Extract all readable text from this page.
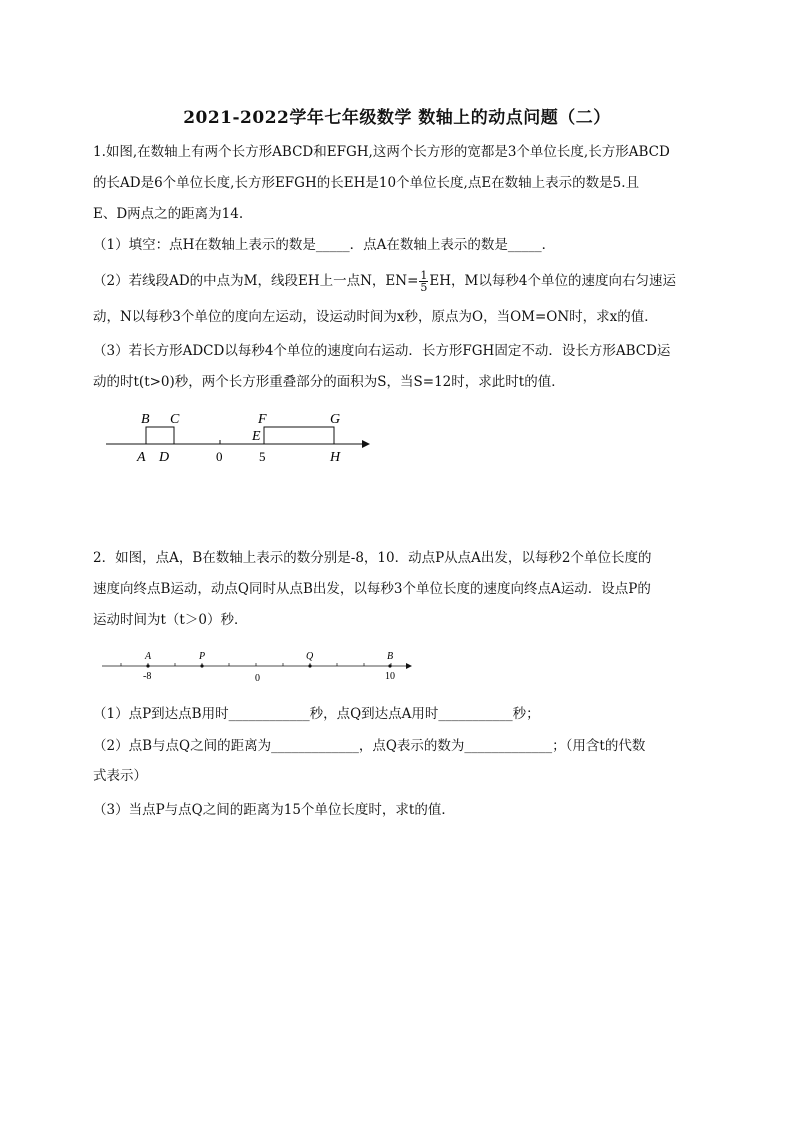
2021-2022学年七年级数学 数轴上的动点问题（二）
1.如图,在数轴上有两个长方形ABCD和EFGH,这两个长方形的宽都是3个单位长度,长方形ABCD
的长AD是6个单位长度,长方形EFGH的长EH是10个单位长度,点E在数轴上表示的数是5.且
E、D两点之的距离为14.
（1）填空：点H在数轴上表示的数是_____．点A在数轴上表示的数是_____．
（2）若线段AD的中点为M，线段EH上一点N，$EN= \frac{1}{5}$ EH，M以每秒4个单位的速度向右匀速运
动，N以每秒3个单位的度向左运动，设运动时间为x秒，原点为O，当OM=ON时，求x的值．
（3）若长方形ADCD以每秒4个单位的速度向右运动．长方形FGH固定不动．设长方形ABCD运
动的时t(t>0)秒，两个长方形重叠部分的面积为S，当S=12时，求此时t的值．
B C	F	G
E
A D	0	5	H
2．如图，点A，B在数轴上表示的数分别是-8，10．动点P从点A出发，以每秒2个单位长度的
速度向终点B运动，动点Q同时从点B出发，以每秒3个单位长度的速度向终点A运动．设点P的
运动时间为t（t＞0）秒．
A	P	Q	B
-8	0	10
（1）点P到达点B用时____________秒，点Q到达点A用时___________秒；
（2）点B与点Q之间的距离为_____________，点Q表示的数为_____________；（用含t的代数
式表示）
（3）当点P与点Q之间的距离为15个单位长度时，求t的值．
